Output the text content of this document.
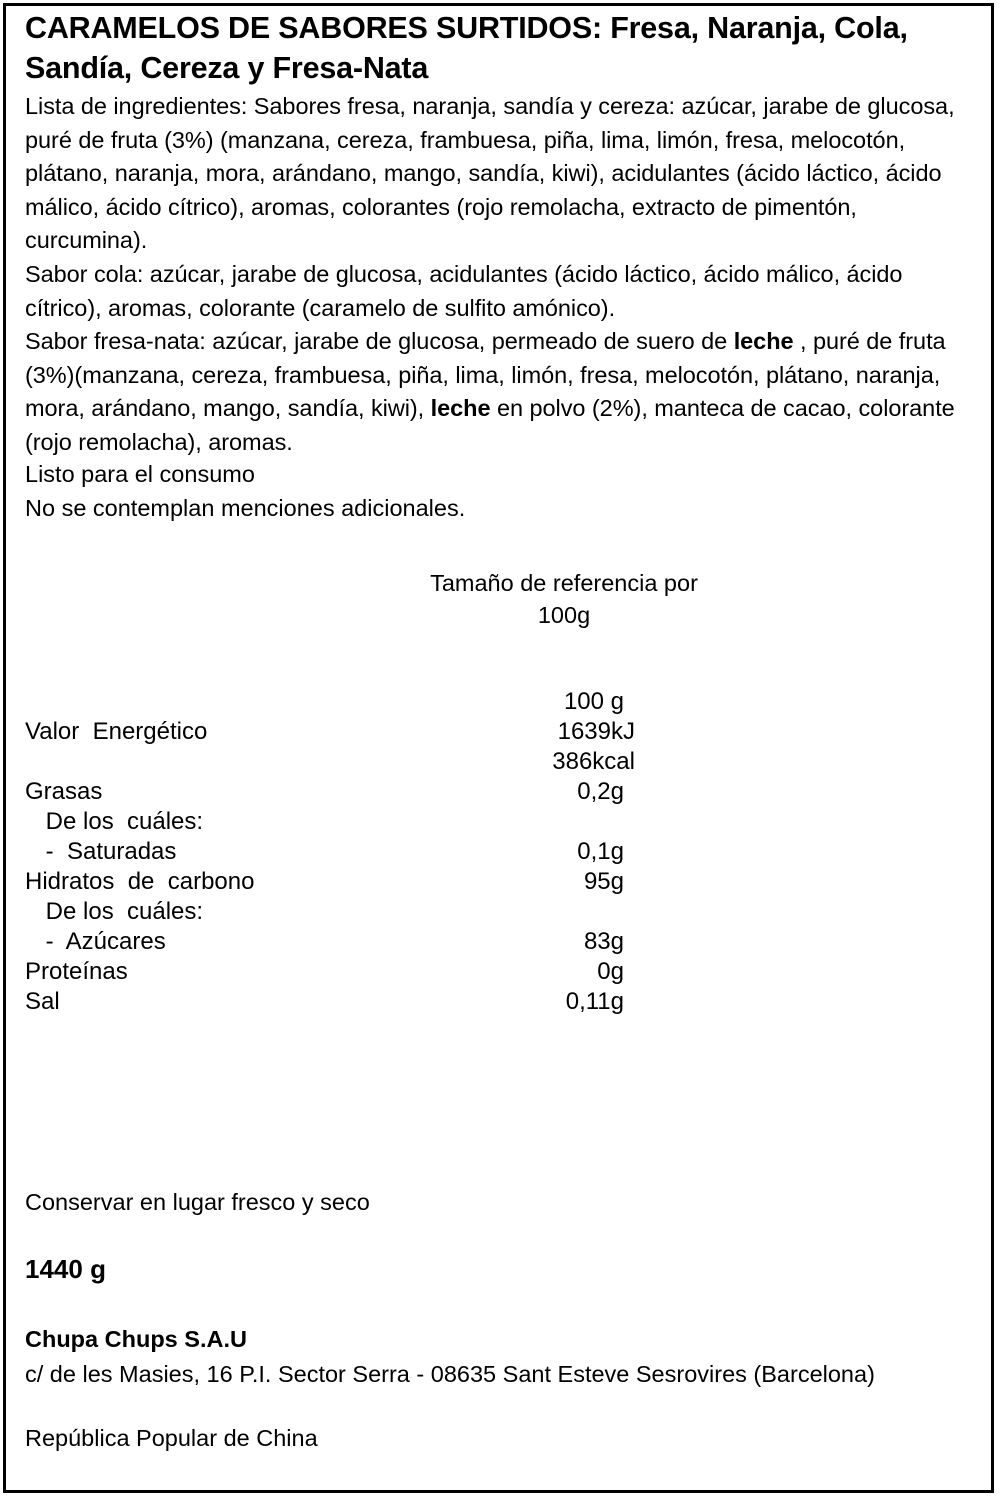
CARAMELOS DE SABORES SURTIDOS: Fresa, Naranja, Cola, Sandía, Cereza y Fresa-Nata

Lista de ingredientes: Sabores fresa, naranja, sandía y cereza: azúcar, jarabe de glucosa, puré de fruta (3%) (manzana, cereza, frambuesa, piña, lima, limón, fresa, melocotón, plátano, naranja, mora, arándano, mango, sandía, kiwi), acidulantes (ácido láctico, ácido málico, ácido cítrico), aromas, colorantes (rojo remolacha, extracto de pimentón, curcumina).

Sabor cola: azúcar, jarabe de glucosa, acidulantes (ácido láctico, ácido málico, ácido cítrico), aromas, colorante (caramelo de sulfito amónico).

Sabor fresa-nata: azúcar, jarabe de glucosa, permeado de suero de leche , puré de fruta (3%)(manzana, cereza, frambuesa, piña, lima, limón, fresa, melocotón, plátano, naranja, mora, arándano, mango, sandía, kiwi), leche en polvo (2%), manteca de cacao, colorante (rojo remolacha), aromas.

Listo para el consumo

No se contemplan menciones adicionales.

Tamaño de referencia por
100g
	100 g
Valor  Energético	1639kJ
	386kcal
Grasas	0,2g
De los  cuáles:	
-  Saturadas	0,1g
Hidratos  de  carbono	95g
De los  cuáles:	
-  Azúcares	83g
Proteínas	0g
Sal	0,11g
Conservar en lugar fresco y seco
1440 g
Chupa Chups S.A.U
c/ de les Masies, 16 P.I. Sector Serra - 08635 Sant Esteve Sesrovires (Barcelona)
República Popular de China
